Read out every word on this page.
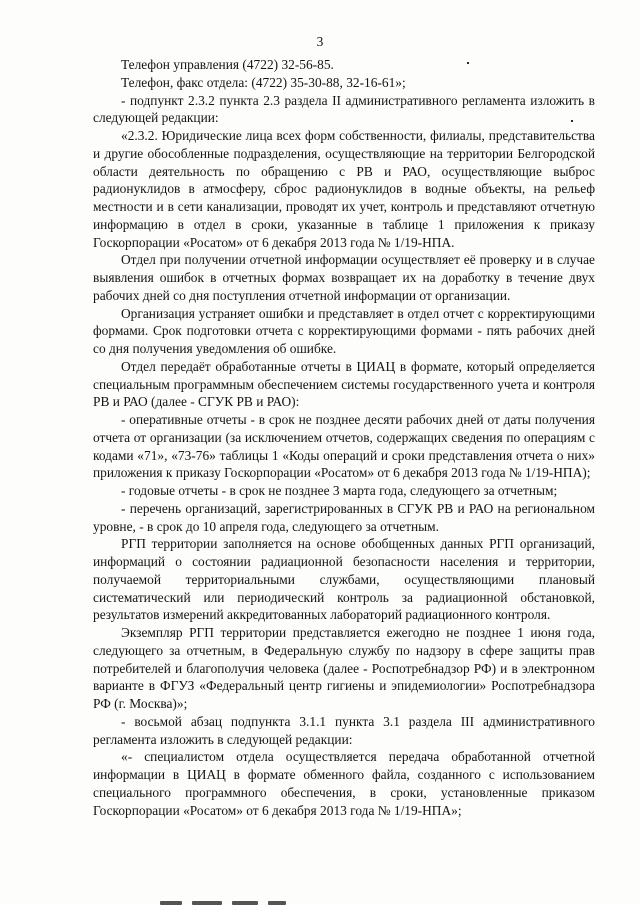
3

Телефон управления (4722) 32-56-85.

Телефон, факс отдела: (4722) 35-30-88, 32-16-61»;

- подпункт 2.3.2 пункта 2.3 раздела II административного регламента изложить в следующей редакции:

«2.3.2. Юридические лица всех форм собственности, филиалы, представительства и другие обособленные подразделения, осуществляющие на территории Белгородской области деятельность по обращению с РВ и РАО, осуществляющие выброс радионуклидов в атмосферу, сброс радионуклидов в водные объекты, на рельеф местности и в сети канализации, проводят их учет, контроль и представляют отчетную информацию в отдел в сроки, указанные в таблице 1 приложения к приказу Госкорпорации «Росатом» от 6 декабря 2013 года № 1/19-НПА.

Отдел при получении отчетной информации осуществляет её проверку и в случае выявления ошибок в отчетных формах возвращает их на доработку в течение двух рабочих дней со дня поступления отчетной информации от организации.

Организация устраняет ошибки и представляет в отдел отчет с корректирующими формами. Срок подготовки отчета с корректирующими формами - пять рабочих дней со дня получения уведомления об ошибке.

Отдел передаёт обработанные отчеты в ЦИАЦ в формате, который определяется специальным программным обеспечением системы государственного учета и контроля РВ и РАО (далее - СГУК РВ и РАО):

- оперативные отчеты - в срок не позднее десяти рабочих дней от даты получения отчета от организации (за исключением отчетов, содержащих сведения по операциям с кодами «71», «73-76» таблицы 1 «Коды операций и сроки представления отчета о них» приложения к приказу Госкорпорации «Росатом» от 6 декабря 2013 года № 1/19-НПА);

- годовые отчеты - в срок не позднее 3 марта года, следующего за отчетным;

- перечень организаций, зарегистрированных в СГУК РВ и РАО на региональном уровне, - в срок до 10 апреля года, следующего за отчетным.

РГП территории заполняется на основе обобщенных данных РГП организаций, информаций о состоянии радиационной безопасности населения и территории, получаемой территориальными службами, осуществляющими плановый систематический или периодический контроль за радиационной обстановкой, результатов измерений аккредитованных лабораторий радиационного контроля.

Экземпляр РГП территории представляется ежегодно не позднее 1 июня года, следующего за отчетным, в Федеральную службу по надзору в сфере защиты прав потребителей и благополучия человека (далее - Роспотребнадзор РФ) и в электронном варианте в ФГУЗ «Федеральный центр гигиены и эпидемиологии» Роспотребнадзора РФ (г. Москва)»;

- восьмой абзац подпункта 3.1.1 пункта 3.1 раздела III административного регламента изложить в следующей редакции:

«- специалистом отдела осуществляется передача обработанной отчетной информации в ЦИАЦ в формате обменного файла, созданного с использованием специального программного обеспечения, в сроки, установленные приказом Госкорпорации «Росатом» от 6 декабря 2013 года № 1/19-НПА»;
